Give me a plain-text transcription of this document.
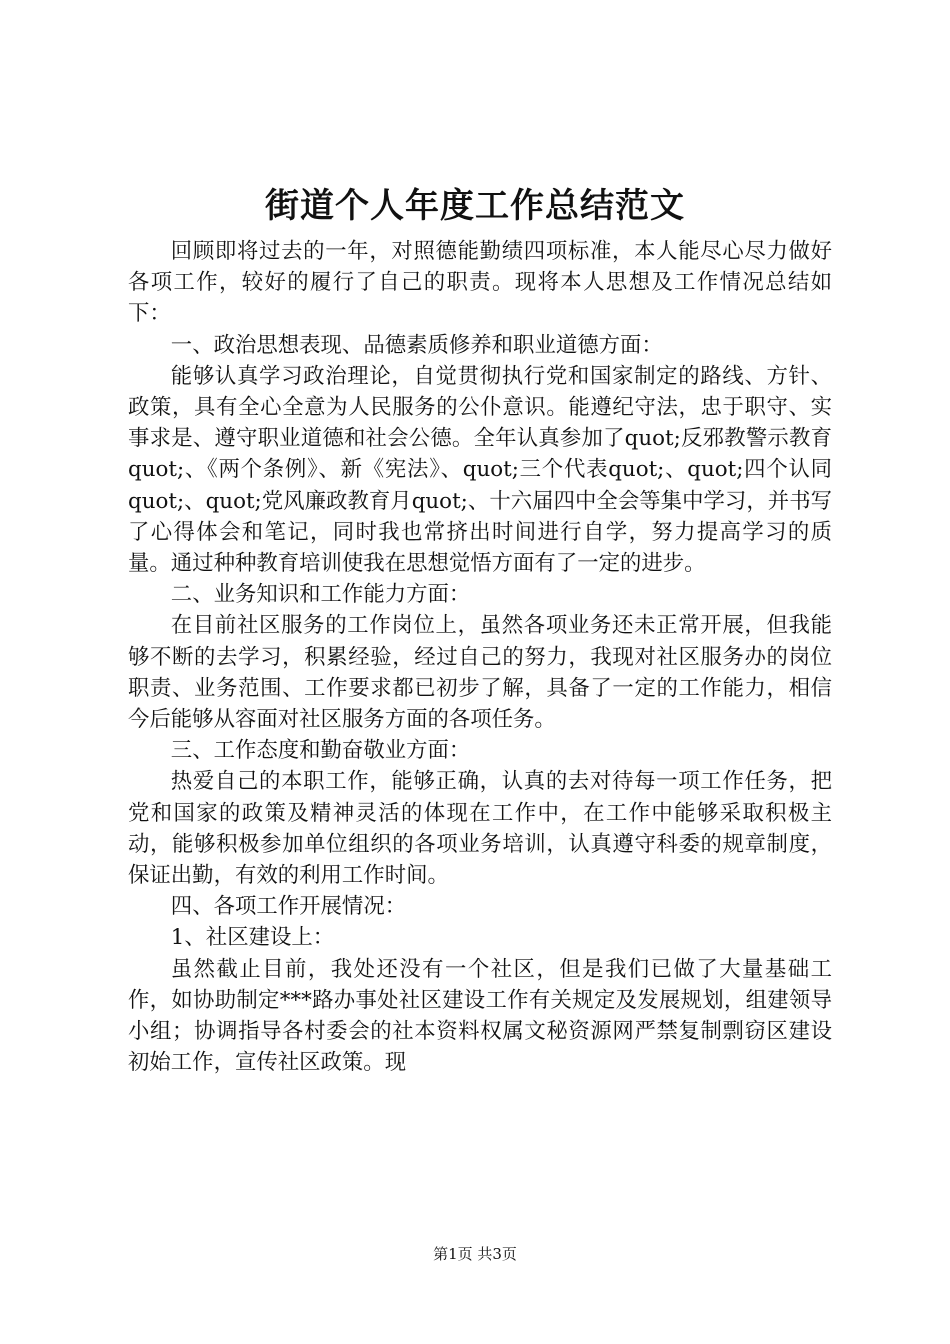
街道个人年度工作总结范文

回顾即将过去的一年，对照德能勤绩四项标准，本人能尽心尽力做好各项工作，较好的履行了自己的职责。现将本人思想及工作情况总结如下：

一、政治思想表现、品德素质修养和职业道德方面：

能够认真学习政治理论，自觉贯彻执行党和国家制定的路线、方针、政策，具有全心全意为人民服务的公仆意识。能遵纪守法，忠于职守、实事求是、遵守职业道德和社会公德。全年认真参加了quot;反邪教警示教育quot;、《两个条例》、新《宪法》、quot;三个代表quot;、quot;四个认同quot;、quot;党风廉政教育月quot;、十六届四中全会等集中学习，并书写了心得体会和笔记，同时我也常挤出时间进行自学，努力提高学习的质量。通过种种教育培训使我在思想觉悟方面有了一定的进步。

二、业务知识和工作能力方面：

在目前社区服务的工作岗位上，虽然各项业务还未正常开展，但我能够不断的去学习，积累经验，经过自己的努力，我现对社区服务办的岗位职责、业务范围、工作要求都已初步了解，具备了一定的工作能力，相信今后能够从容面对社区服务方面的各项任务。

三、工作态度和勤奋敬业方面：

热爱自己的本职工作，能够正确，认真的去对待每一项工作任务，把党和国家的政策及精神灵活的体现在工作中，在工作中能够采取积极主动，能够积极参加单位组织的各项业务培训，认真遵守科委的规章制度，保证出勤，有效的利用工作时间。

四、各项工作开展情况：

1、社区建设上：

虽然截止目前，我处还没有一个社区，但是我们已做了大量基础工作，如协助制定***路办事处社区建设工作有关规定及发展规划，组建领导小组；协调指导各村委会的社本资料权属文秘资源网严禁复制剽窃区建设初始工作，宣传社区政策。现

第1页 共3页
